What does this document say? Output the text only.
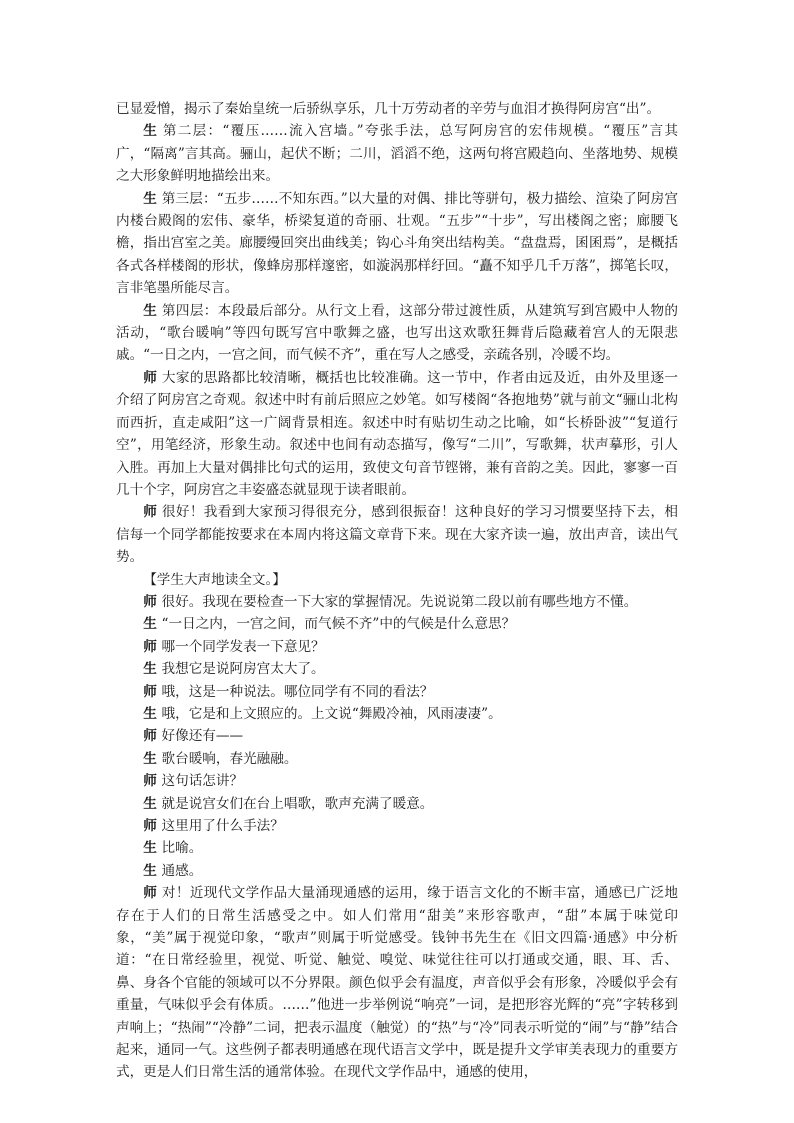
已显爱憎，揭示了秦始皇统一后骄纵享乐，几十万劳动者的辛劳与血泪才换得阿房宫“出”。

生 第二层：“覆压……流入宫墙。”夸张手法，总写阿房宫的宏伟规模。“覆压”言其广，“隔离”言其高。骊山，起伏不断；二川，滔滔不绝，这两句将宫殿趋向、坐落地势、规模之大形象鲜明地描绘出来。

生 第三层：“五步……不知东西。”以大量的对偶、排比等骈句，极力描绘、渲染了阿房宫内楼台殿阁的宏伟、豪华，桥梁复道的奇丽、壮观。“五步”“十步”，写出楼阁之密；廊腰飞檐，指出宫室之美。廊腰缦回突出曲线美；钩心斗角突出结构美。“盘盘焉，囷囷焉”，是概括各式各样楼阁的形状，像蜂房那样邃密，如漩涡那样纡回。“矗不知乎几千万落”，掷笔长叹，言非笔墨所能尽言。

生 第四层：本段最后部分。从行文上看，这部分带过渡性质，从建筑写到宫殿中人物的活动，“歌台暖响”等四句既写宫中歌舞之盛，也写出这欢歌狂舞背后隐藏着宫人的无限悲戚。“一日之内，一宫之间，而气候不齐”，重在写人之感受，亲疏各别，冷暖不均。

师 大家的思路都比较清晰，概括也比较准确。这一节中，作者由远及近，由外及里逐一介绍了阿房宫之奇观。叙述中时有前后照应之妙笔。如写楼阁“各抱地势”就与前文“骊山北构而西折，直走咸阳”这一广阔背景相连。叙述中时有贴切生动之比喻，如“长桥卧波”“复道行空”，用笔经济，形象生动。叙述中也间有动态描写，像写“二川”，写歌舞，状声摹形，引人入胜。再加上大量对偶排比句式的运用，致使文句音节铿锵，兼有音韵之美。因此，寥寥一百几十个字，阿房宫之丰姿盛态就显现于读者眼前。

师 很好！我看到大家预习得很充分，感到很振奋！这种良好的学习习惯要坚持下去，相信每一个同学都能按要求在本周内将这篇文章背下来。现在大家齐读一遍，放出声音，读出气势。

【学生大声地读全文。】

师 很好。我现在要检查一下大家的掌握情况。先说说第二段以前有哪些地方不懂。

生 “一日之内，一宫之间，而气候不齐”中的气候是什么意思？

师 哪一个同学发表一下意见？

生 我想它是说阿房宫太大了。

师 哦，这是一种说法。哪位同学有不同的看法？

生 哦，它是和上文照应的。上文说“舞殿冷袖，风雨凄凄”。

师 好像还有——

生 歌台暖响，春光融融。

师 这句话怎讲？

生 就是说宫女们在台上唱歌，歌声充满了暖意。

师 这里用了什么手法？

生 比喻。

生 通感。

师 对！近现代文学作品大量涌现通感的运用，缘于语言文化的不断丰富，通感已广泛地存在于人们的日常生活感受之中。如人们常用“甜美”来形容歌声，“甜”本属于味觉印象，“美”属于视觉印象，“歌声”则属于听觉感受。钱钟书先生在《旧文四篇·通感》中分析道：“在日常经验里，视觉、听觉、触觉、嗅觉、味觉往往可以打通或交通，眼、耳、舌、鼻、身各个官能的领域可以不分界限。颜色似乎会有温度，声音似乎会有形象，冷暖似乎会有重量，气味似乎会有体质。……”他进一步举例说“响亮”一词，是把形容光辉的“亮”字转移到声响上；“热闹”“冷静”二词，把表示温度（触觉）的“热”与“冷”同表示听觉的“闹”与“静”结合起来，通同一气。这些例子都表明通感在现代语言文学中，既是提升文学审美表现力的重要方式，更是人们日常生活的通常体验。在现代文学作品中，通感的使用，
